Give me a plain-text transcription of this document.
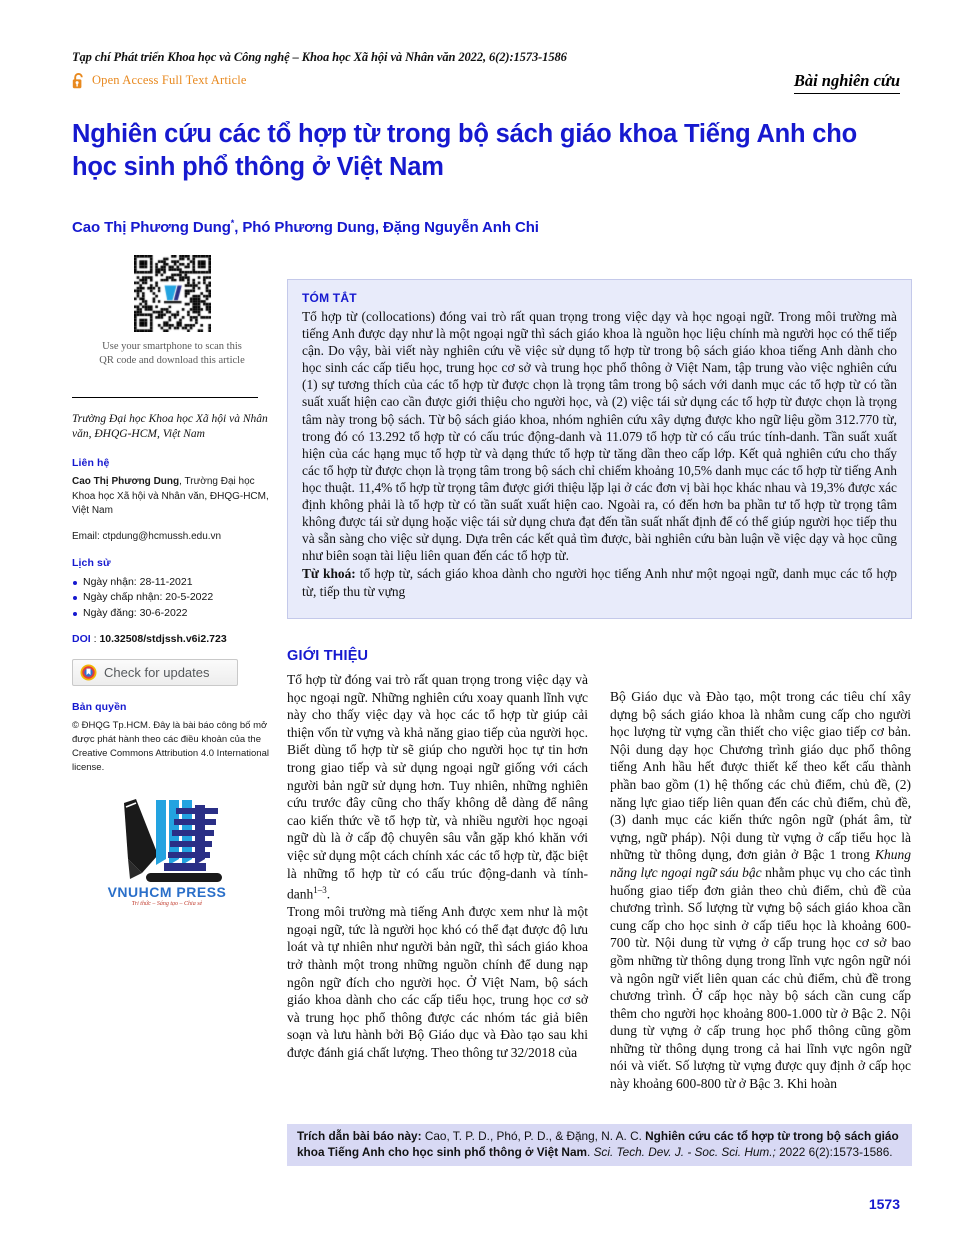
Tạp chí Phát triển Khoa học và Công nghệ – Khoa học Xã hội và Nhân văn 2022, 6(2):1573-1586
Open Access Full Text Article	Bài nghiên cứu
Nghiên cứu các tổ hợp từ trong bộ sách giáo khoa Tiếng Anh cho học sinh phổ thông ở Việt Nam
Cao Thị Phương Dung*, Phó Phương Dung, Đặng Nguyễn Anh Chi
Use your smartphone to scan this
QR code and download this article
Trường Đại học Khoa học Xã hội và Nhân văn, ĐHQG-HCM, Việt Nam
Liên hệ
Cao Thị Phương Dung, Trường Đại học Khoa học Xã hội và Nhân văn, ĐHQG-HCM, Việt Nam
Email: ctpdung@hcmussh.edu.vn
Lịch sử
Ngày nhận: 28-11-2021
Ngày chấp nhận: 20-5-2022
Ngày đăng: 30-6-2022
DOI : 10.32508/stdjssh.v6i2.723
Check for updates
Bản quyền
© ĐHQG Tp.HCM. Đây là bài báo công bố mở được phát hành theo các điều khoản của the Creative Commons Attribution 4.0 International license.
VNUHCM PRESS
Tri thức – Sáng tạo – Chia sẻ
TÓM TẮT
Tổ hợp từ (collocations) đóng vai trò rất quan trọng trong việc dạy và học ngoại ngữ. Trong môi trường mà tiếng Anh được dạy như là một ngoại ngữ thì sách giáo khoa là nguồn học liệu chính mà người học có thể tiếp cận. Do vậy, bài viết này nghiên cứu về việc sử dụng tổ hợp từ trong bộ sách giáo khoa tiếng Anh dành cho học sinh các cấp tiểu học, trung học cơ sở và trung học phổ thông ở Việt Nam, tập trung vào việc nghiên cứu (1) sự tương thích của các tổ hợp từ được chọn là trọng tâm trong bộ sách với danh mục các tổ hợp từ có tần suất xuất hiện cao cần được giới thiệu cho người học, và (2) việc tái sử dụng các tổ hợp từ được chọn là trọng tâm này trong bộ sách. Từ bộ sách giáo khoa, nhóm nghiên cứu xây dựng được kho ngữ liệu gồm 312.770 từ, trong đó có 13.292 tổ hợp từ có cấu trúc động-danh và 11.079 tổ hợp từ có cấu trúc tính-danh. Tần suất xuất hiện của các hạng mục tổ hợp từ và dạng thức tổ hợp từ tăng dần theo cấp lớp. Kết quả nghiên cứu cho thấy các tổ hợp từ được chọn là trọng tâm trong bộ sách chỉ chiếm khoảng 10,5% danh mục các tổ hợp từ tiếng Anh học thuật. 11,4% tổ hợp từ trọng tâm được giới thiệu lặp lại ở các đơn vị bài học khác nhau và 19,3% được xác định không phải là tổ hợp từ có tần suất xuất hiện cao. Ngoài ra, có đến hơn ba phần tư tổ hợp từ trọng tâm không được tái sử dụng hoặc việc tái sử dụng chưa đạt đến tần suất nhất định để có thể giúp người học tiếp thu và sẵn sàng cho việc sử dụng. Dựa trên các kết quả tìm được, bài nghiên cứu bàn luận về việc dạy và học cũng như biên soạn tài liệu liên quan đến các tổ hợp từ.
Từ khoá: tổ hợp từ, sách giáo khoa dành cho người học tiếng Anh như một ngoại ngữ, danh mục các tổ hợp từ, tiếp thu từ vựng
GIỚI THIỆU

Tổ hợp từ đóng vai trò rất quan trọng trong việc dạy và học ngoại ngữ. Những nghiên cứu xoay quanh lĩnh vực này cho thấy việc dạy và học các tổ hợp từ giúp cải thiện vốn từ vựng và khả năng giao tiếp của người học. Biết dùng tổ hợp từ sẽ giúp cho người học tự tin hơn trong giao tiếp và sử dụng ngoại ngữ giống với cách người bản ngữ sử dụng hơn. Tuy nhiên, những nghiên cứu trước đây cũng cho thấy không dễ dàng để nâng cao kiến thức về tổ hợp từ, và nhiều người học ngoại ngữ dù là ở cấp độ chuyên sâu vẫn gặp khó khăn với việc sử dụng một cách chính xác các tổ hợp từ, đặc biệt là những tổ hợp từ có cấu trúc động-danh và tính-danh$^{1-3}$.

Trong môi trường mà tiếng Anh được xem như là một ngoại ngữ, tức là người học khó có thể đạt được độ lưu loát và tự nhiên như người bản ngữ, thì sách giáo khoa trở thành một trong những nguồn chính để dung nạp ngôn ngữ đích cho người học. Ở Việt Nam, bộ sách giáo khoa dành cho các cấp tiểu học, trung học cơ sở và trung học phổ thông được các nhóm tác giả biên soạn và lưu hành bởi Bộ Giáo dục và Đào tạo sau khi được đánh giá chất lượng. Theo thông tư 32/2018 của

Bộ Giáo dục và Đào tạo, một trong các tiêu chí xây dựng bộ sách giáo khoa là nhằm cung cấp cho người học lượng từ vựng cần thiết cho việc giao tiếp cơ bản. Nội dung dạy học Chương trình giáo dục phổ thông tiếng Anh hầu hết được thiết kế theo kết cấu thành phần bao gồm (1) hệ thống các chủ điểm, chủ đề, (2) năng lực giao tiếp liên quan đến các chủ điểm, chủ đề, (3) danh mục các kiến thức ngôn ngữ (phát âm, từ vựng, ngữ pháp). Nội dung từ vựng ở cấp tiểu học là những từ thông dụng, đơn giản ở Bậc 1 trong Khung năng lực ngoại ngữ sáu bậc nhằm phục vụ cho các tình huống giao tiếp đơn giản theo chủ điểm, chủ đề của chương trình. Số lượng từ vựng bộ sách giáo khoa cần cung cấp cho học sinh ở cấp tiểu học là khoảng 600-700 từ. Nội dung từ vựng ở cấp trung học cơ sở bao gồm những từ thông dụng trong lĩnh vực ngôn ngữ nói và ngôn ngữ viết liên quan các chủ điểm, chủ đề trong chương trình. Ở cấp học này bộ sách cần cung cấp thêm cho người học khoảng 800-1.000 từ ở Bậc 2. Nội dung từ vựng ở cấp trung học phổ thông cũng gồm những từ thông dụng trong cả hai lĩnh vực ngôn ngữ nói và viết. Số lượng từ vựng được quy định ở cấp học này khoảng 600-800 từ ở Bậc 3. Khi hoàn

Trích dẫn bài báo này: Cao, T. P. D., Phó, P. D., & Đặng, N. A. C. Nghiên cứu các tổ hợp từ trong bộ sách giáo khoa Tiếng Anh cho học sinh phổ thông ở Việt Nam. Sci. Tech. Dev. J. - Soc. Sci. Hum.; 2022 6(2):1573-1586.
1573
